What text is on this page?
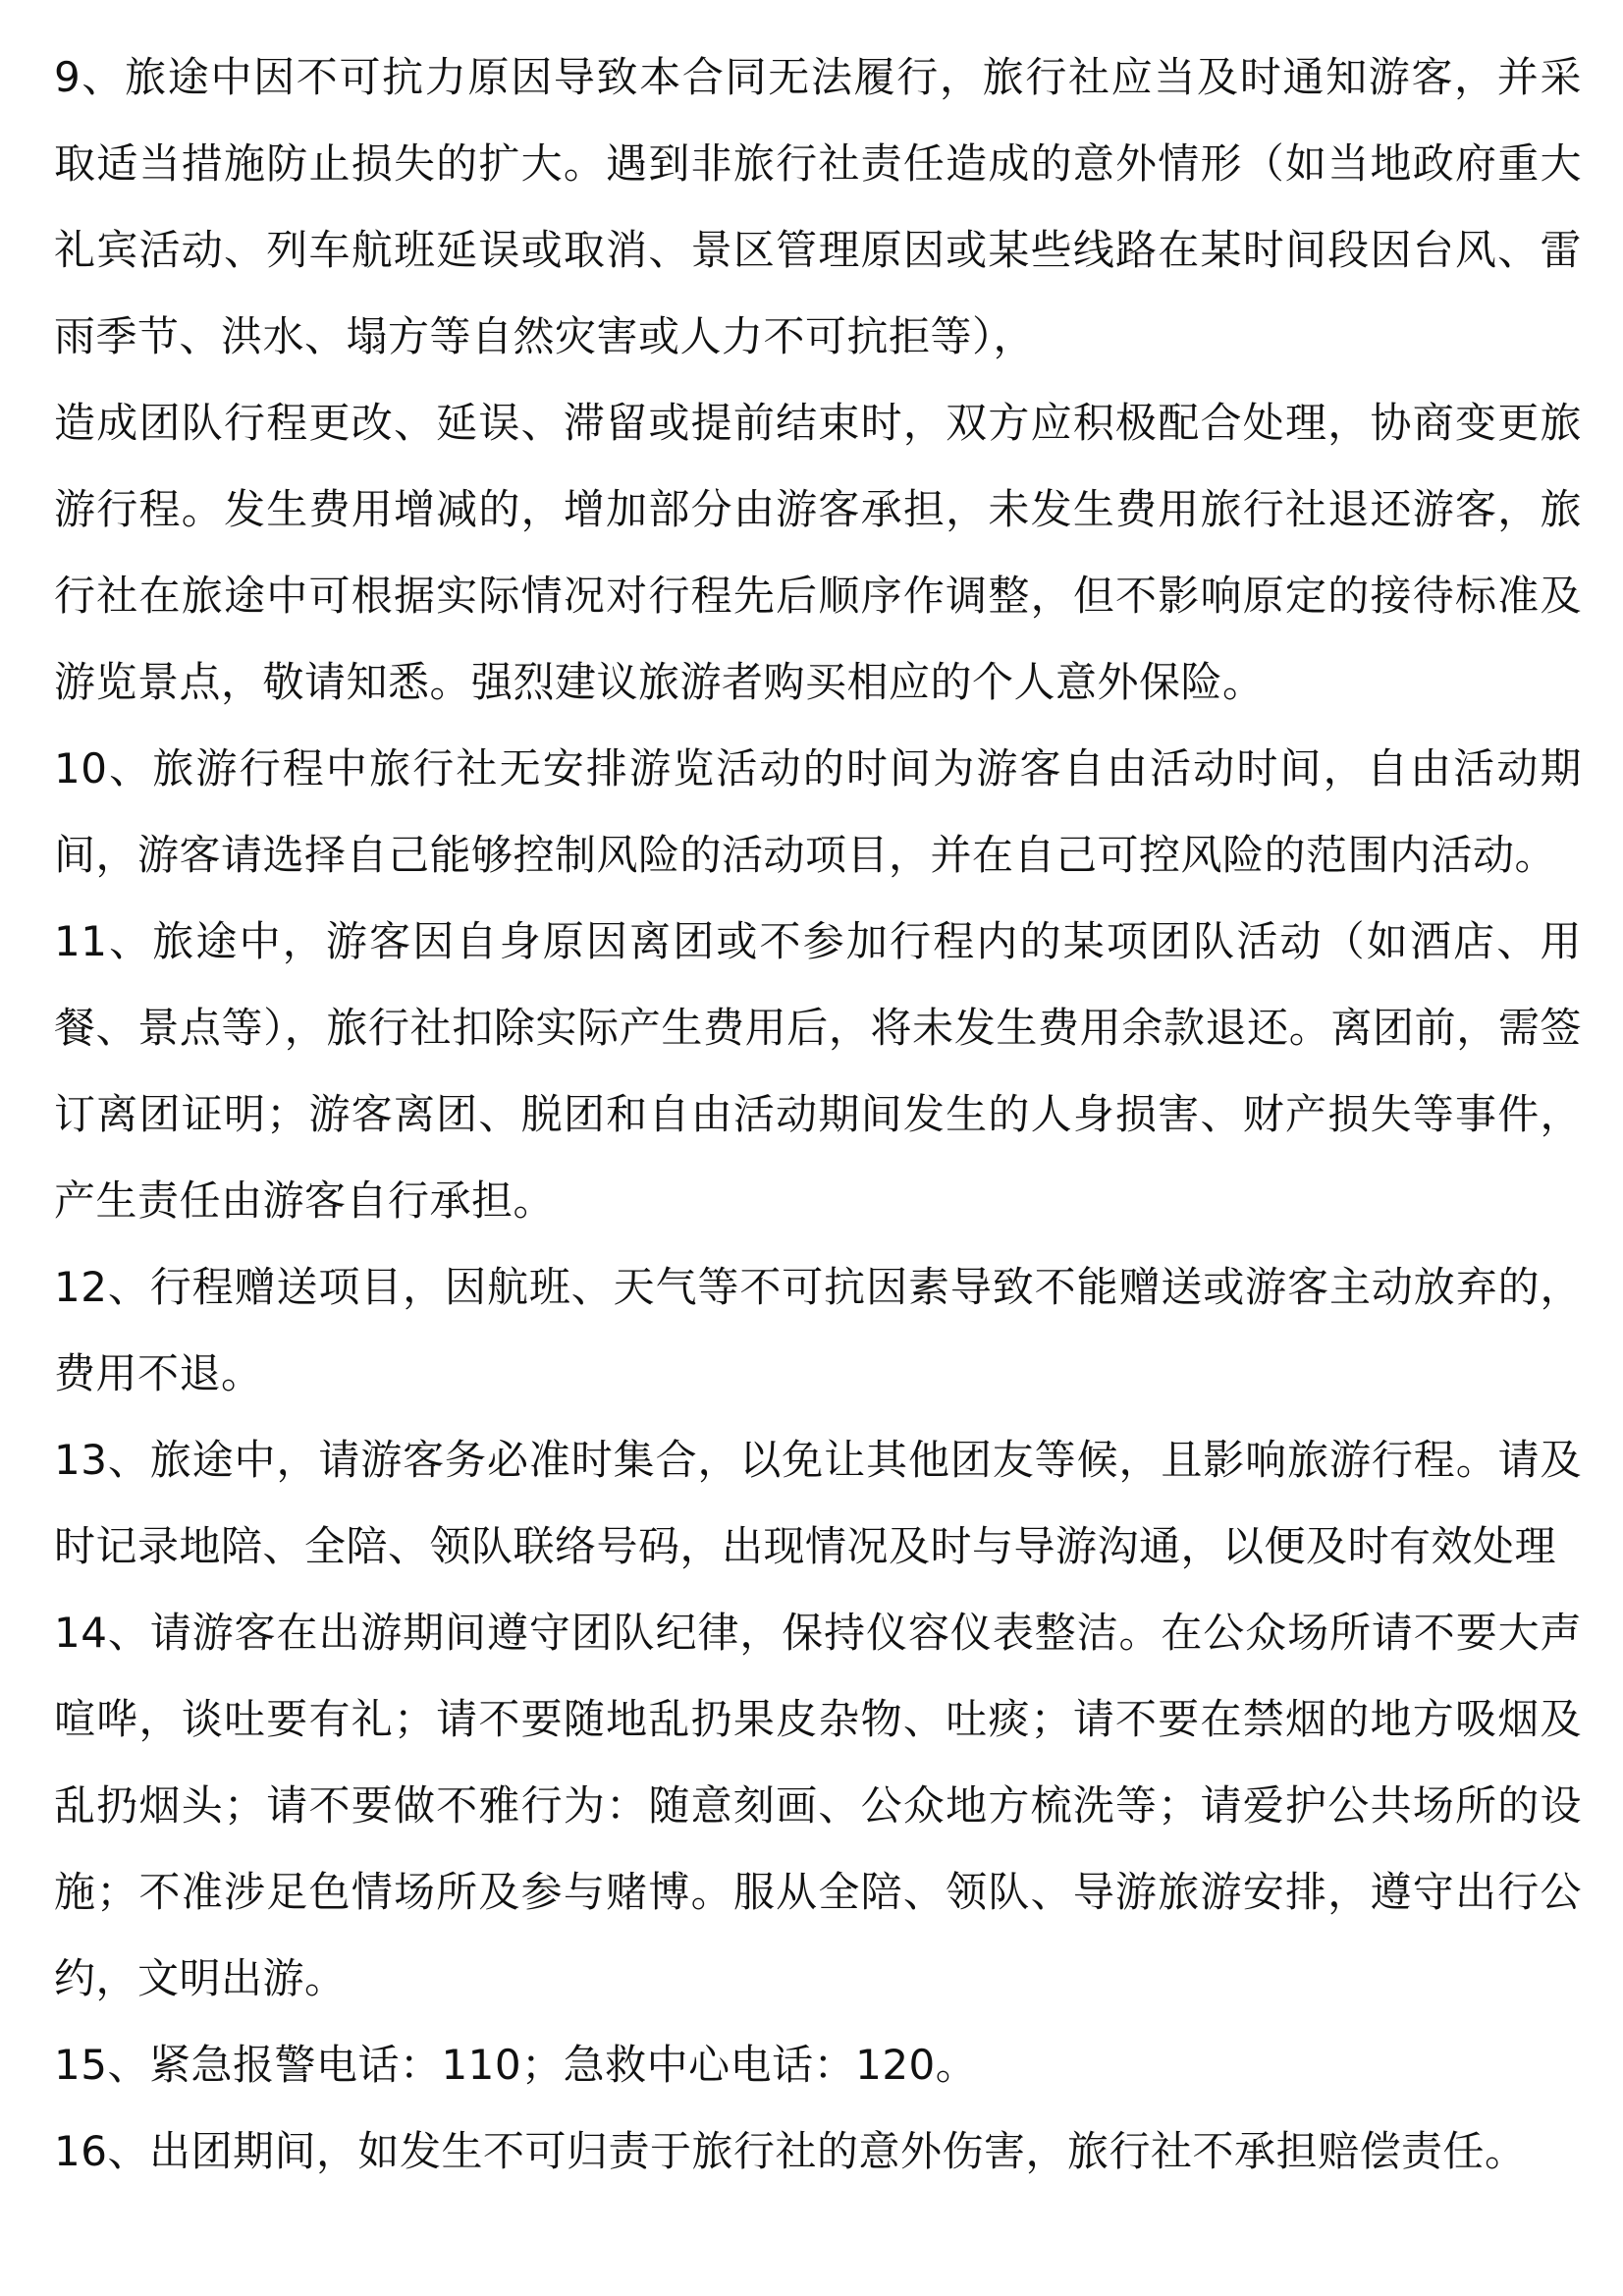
9、旅途中因不可抗力原因导致本合同无法履行，旅行社应当及时通知游客，并采取适当措施防止损失的扩大。遇到非旅行社责任造成的意外情形（如当地政府重大礼宾活动、列车航班延误或取消、景区管理原因或某些线路在某时间段因台风、雷雨季节、洪水、塌方等自然灾害或人力不可抗拒等），

造成团队行程更改、延误、滞留或提前结束时，双方应积极配合处理，协商变更旅游行程。发生费用增减的，增加部分由游客承担，未发生费用旅行社退还游客，旅行社在旅途中可根据实际情况对行程先后顺序作调整，但不影响原定的接待标准及游览景点，敬请知悉。强烈建议旅游者购买相应的个人意外保险。

10、旅游行程中旅行社无安排游览活动的时间为游客自由活动时间，自由活动期间，游客请选择自己能够控制风险的活动项目，并在自己可控风险的范围内活动。

11、旅途中，游客因自身原因离团或不参加行程内的某项团队活动（如酒店、用餐、景点等），旅行社扣除实际产生费用后，将未发生费用余款退还。离团前，需签订离团证明；游客离团、脱团和自由活动期间发生的人身损害、财产损失等事件，产生责任由游客自行承担。

12、行程赠送项目，因航班、天气等不可抗因素导致不能赠送或游客主动放弃的，费用不退。

13、旅途中，请游客务必准时集合，以免让其他团友等候，且影响旅游行程。请及时记录地陪、全陪、领队联络号码，出现情况及时与导游沟通，以便及时有效处理

14、请游客在出游期间遵守团队纪律，保持仪容仪表整洁。在公众场所请不要大声喧哗，谈吐要有礼；请不要随地乱扔果皮杂物、吐痰；请不要在禁烟的地方吸烟及乱扔烟头；请不要做不雅行为：随意刻画、公众地方梳洗等；请爱护公共场所的设施；不准涉足色情场所及参与赌博。服从全陪、领队、导游旅游安排，遵守出行公约，文明出游。

15、紧急报警电话：110；急救中心电话：120。

16、出团期间，如发生不可归责于旅行社的意外伤害，旅行社不承担赔偿责任。
